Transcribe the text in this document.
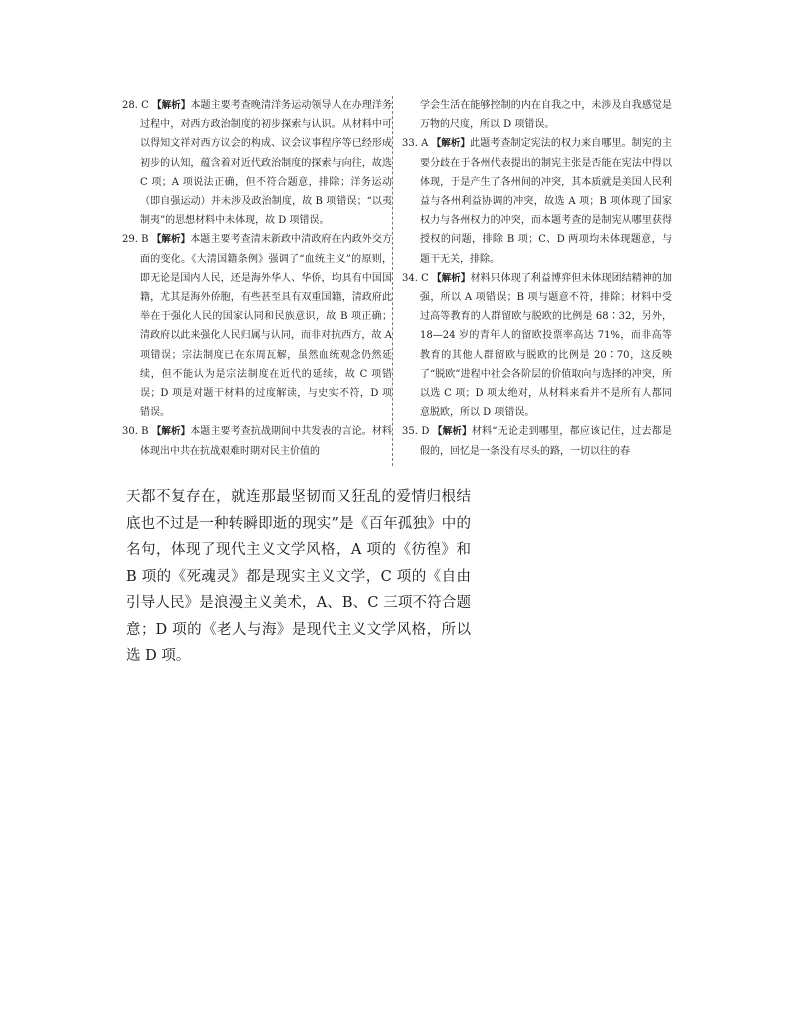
28. C 【解析】本题主要考查晚清洋务运动领导人在办理洋务过程中，对西方政治制度的初步探索与认识。从材料中可以得知文祥对西方议会的构成、议会议事程序等已经形成初步的认知，蕴含着对近代政治制度的探索与向往，故选 C 项；A 项说法正确，但不符合题意，排除；洋务运动（即自强运动）并未涉及政治制度，故 B 项错误；“以夷制夷”的思想材料中未体现，故 D 项错误。

29. B 【解析】本题主要考查清末新政中清政府在内政外交方面的变化。《大清国籍条例》强调了“血统主义”的原则，即无论是国内人民，还是海外华人、华侨，均具有中国国籍，尤其是海外侨胞，有些甚至具有双重国籍，清政府此举在于强化人民的国家认同和民族意识，故 B 项正确；清政府以此来强化人民归属与认同，而非对抗西方，故 A 项错误；宗法制度已在东周瓦解，虽然血统观念仍然延续，但不能认为是宗法制度在近代的延续，故 C 项错误；D 项是对题干材料的过度解读，与史实不符，D 项错误。

30. B 【解析】本题主要考查抗战期间中共发表的言论。材料体现出中共在抗战艰难时期对民主价值的

学会生活在能够控制的内在自我之中，未涉及自我感觉是万物的尺度，所以 D 项错误。

33. A 【解析】此题考查制定宪法的权力来自哪里。制宪的主要分歧在于各州代表提出的制宪主张是否能在宪法中得以体现，于是产生了各州间的冲突，其本质就是美国人民利益与各州利益协调的冲突，故选 A 项；B 项体现了国家权力与各州权力的冲突，而本题考查的是制宪从哪里获得授权的问题，排除 B 项；C、D 两项均未体现题意，与题干无关，排除。

34. C 【解析】材料只体现了利益博弈但未体现团结精神的加强，所以 A 项错误；B 项与题意不符，排除；材料中受过高等教育的人群留欧与脱欧的比例是 68∶32，另外，18—24 岁的青年人的留欧投票率高达 71%，而非高等教育的其他人群留欧与脱欧的比例是 20∶70，这反映了“脱欧”进程中社会各阶层的价值取向与选择的冲突，所以选 C 项；D 项太绝对，从材料来看并不是所有人都同意脱欧，所以 D 项错误。

35. D 【解析】材料“无论走到哪里，都应该记住，过去都是假的，回忆是一条没有尽头的路，一切以往的春

天都不复存在，就连那最坚韧而又狂乱的爱情归根结底也不过是一种转瞬即逝的现实”是《百年孤独》中的名句，体现了现代主义文学风格，A 项的《彷徨》和 B 项的《死魂灵》都是现实主义文学，C 项的《自由引导人民》是浪漫主义美术，A、B、C 三项不符合题意；D 项的《老人与海》是现代主义文学风格，所以选 D 项。
